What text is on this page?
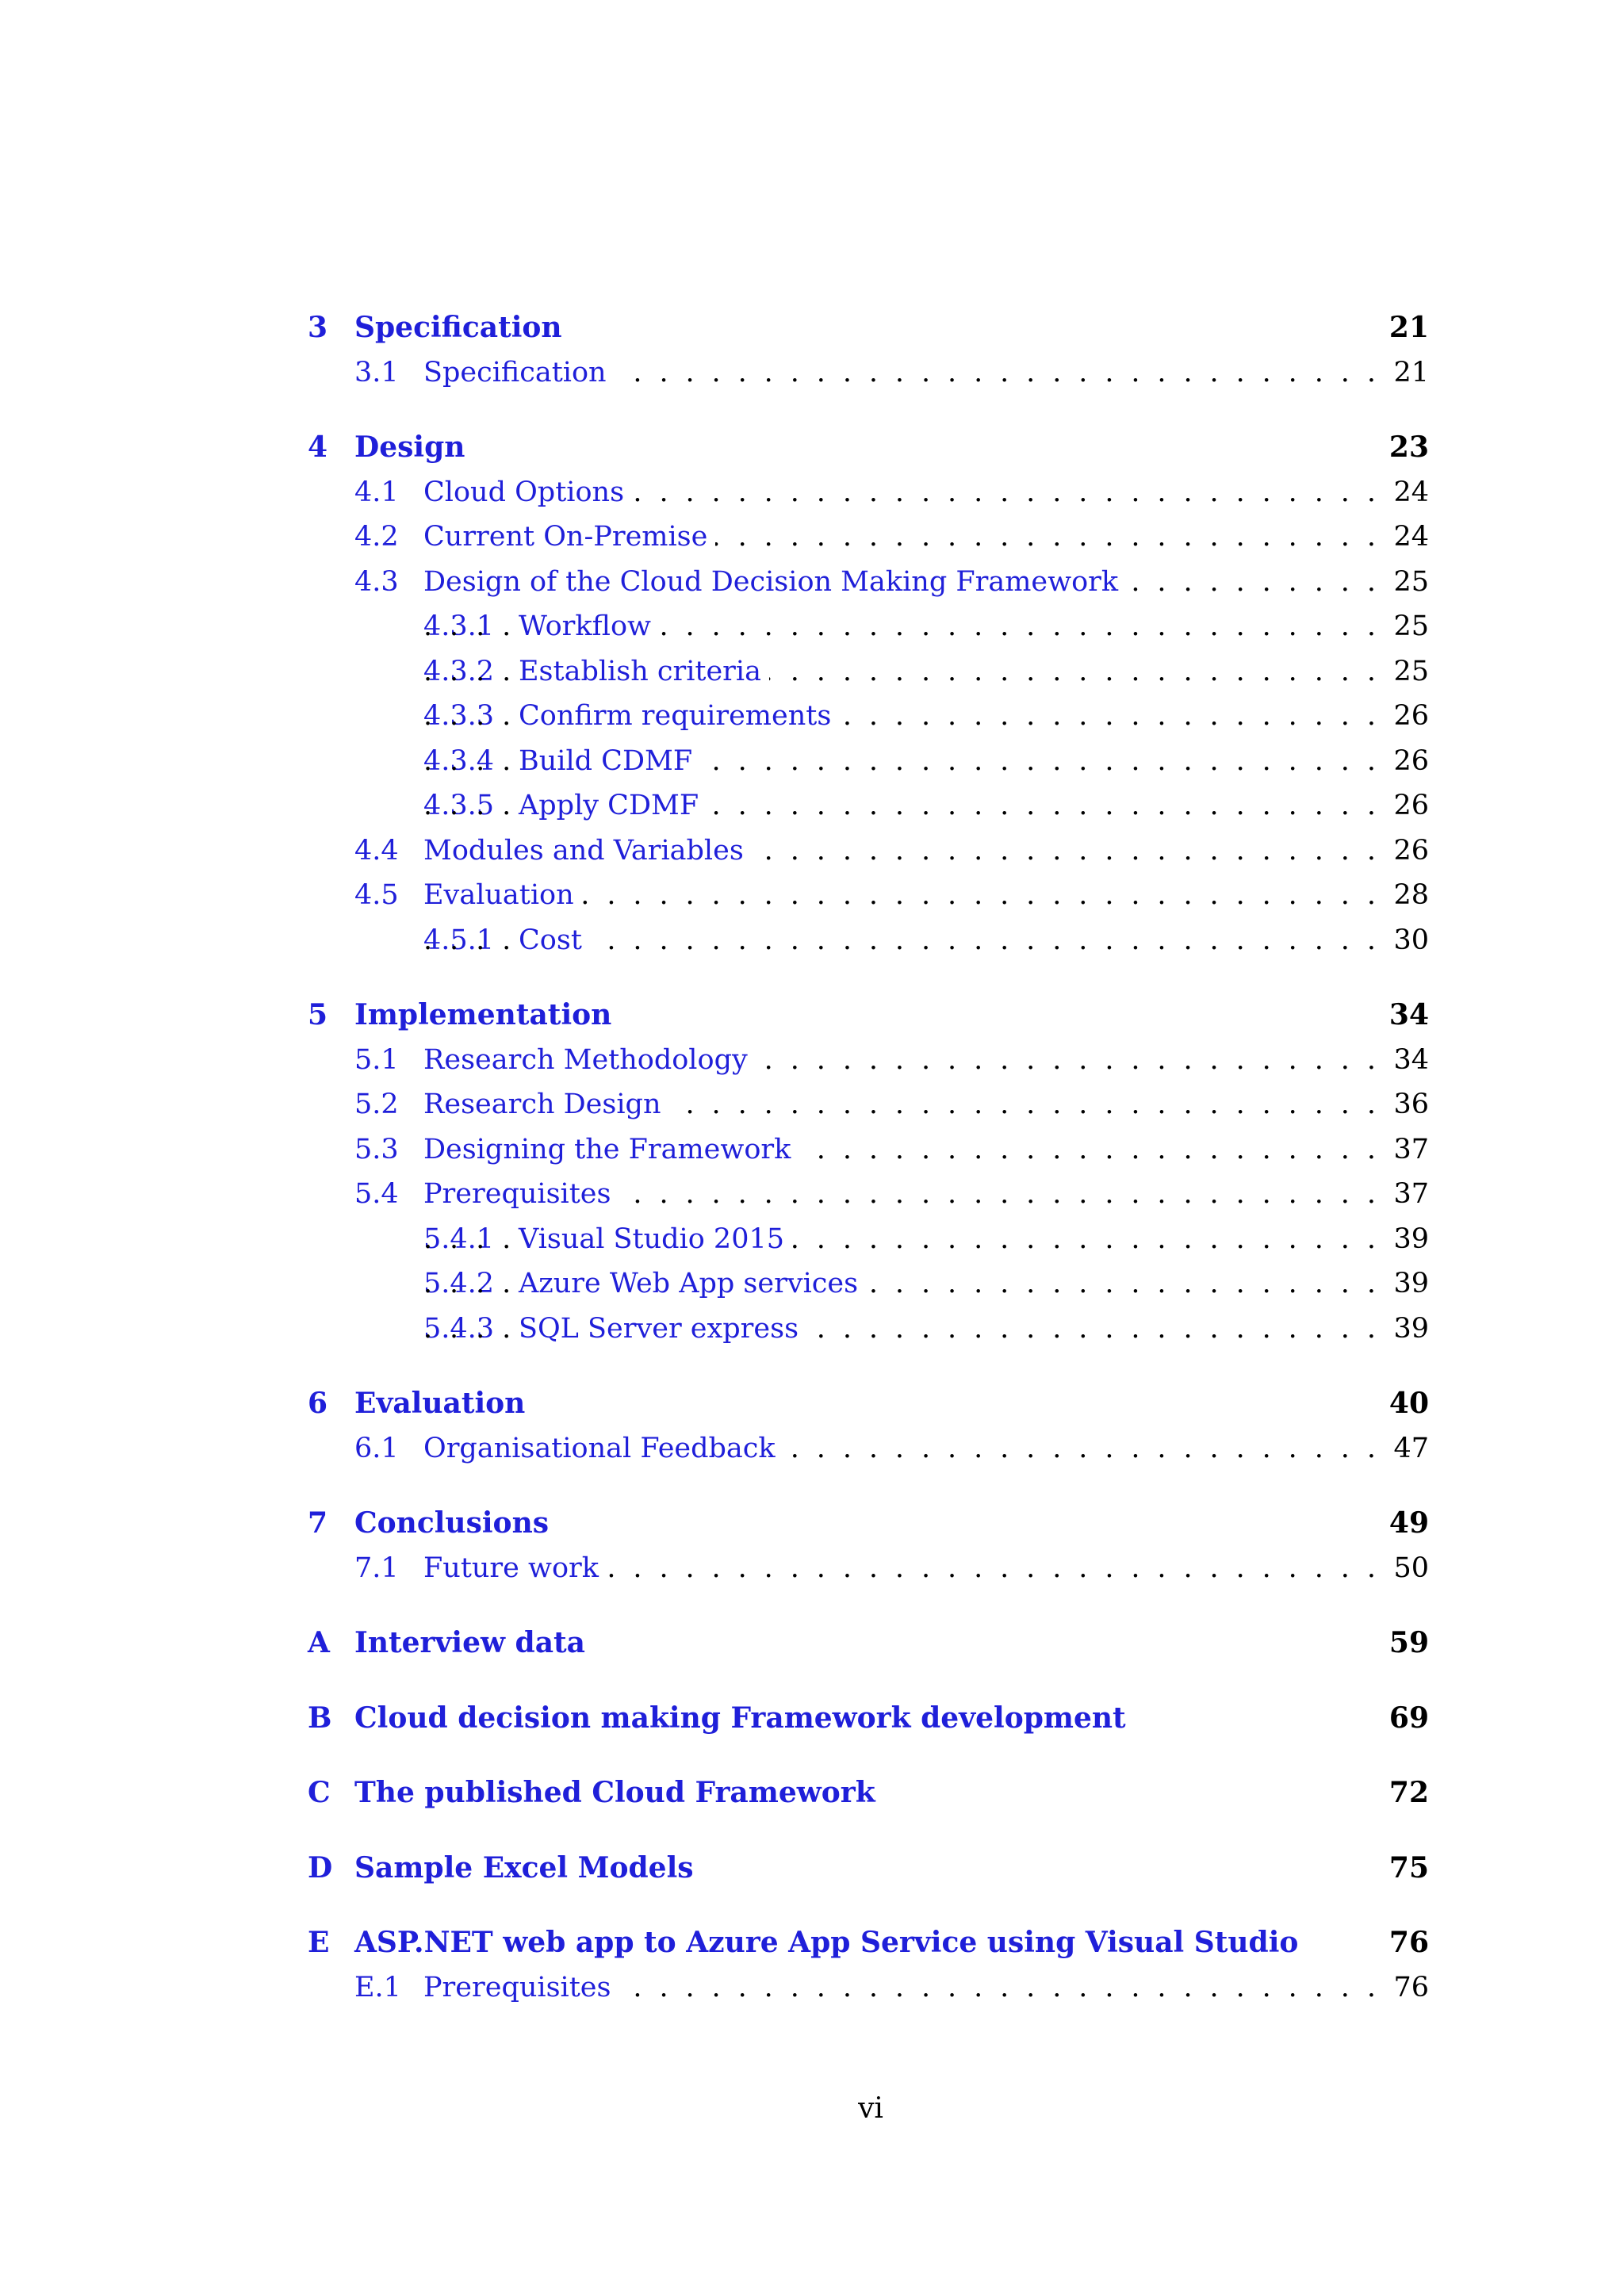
3 Specification	21
3.1 Specification . . .	21
4 Design	23
4.1 Cloud Options . . .	24
4.2 Current On-Premise . . .	24
4.3 Design of the Cloud Decision Making Framework . . .	25
4.3.1 Workflow . . .	25
4.3.2 Establish criteria . . .	25
4.3.3 Confirm requirements . . .	26
4.3.4 Build CDMF . . .	26
4.3.5 Apply CDMF . . .	26
4.4 Modules and Variables . . .	26
4.5 Evaluation . . .	28
4.5.1 Cost . . .	30
5 Implementation	34
5.1 Research Methodology . . .	34
5.2 Research Design . . .	36
5.3 Designing the Framework . . .	37
5.4 Prerequisites . . .	37
5.4.1 Visual Studio 2015 . . .	39
5.4.2 Azure Web App services . . .	39
5.4.3 SQL Server express . . .	39
6 Evaluation	40
6.1 Organisational Feedback . . .	47
7 Conclusions	49
7.1 Future work . . .	50
A Interview data	59
B Cloud decision making Framework development	69
C The published Cloud Framework	72
D Sample Excel Models	75
E ASP.NET web app to Azure App Service using Visual Studio	76
E.1 Prerequisites . . .	76
vi
